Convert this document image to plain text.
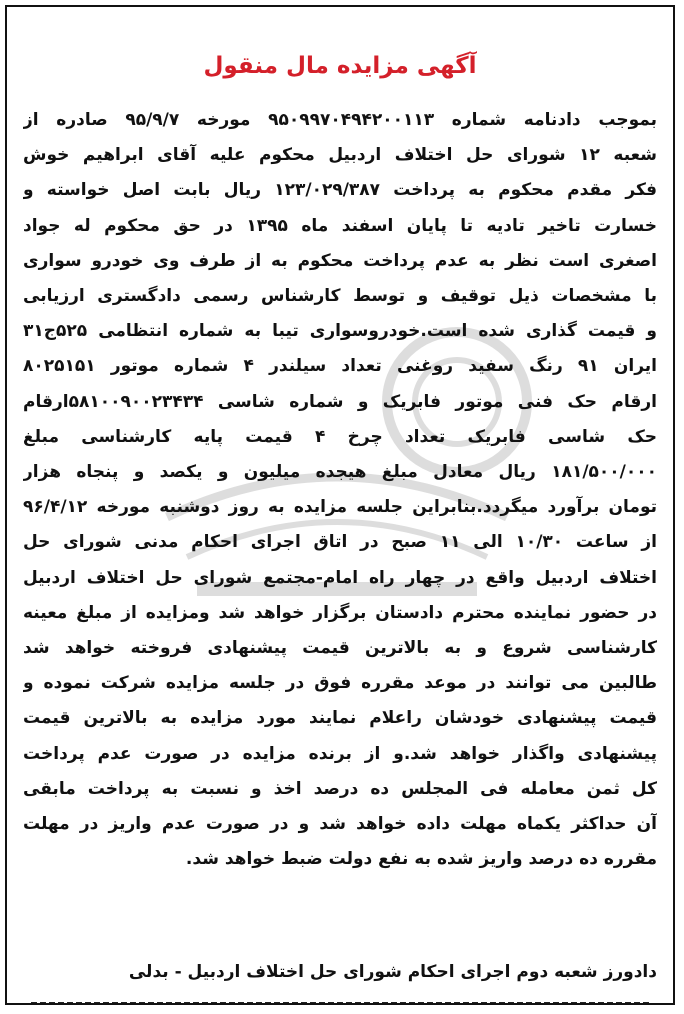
آگهی مزایده مال منقول
بموجب دادنامه شماره ۹۵۰۹۹۷۰۴۹۴۲۰۰۱۱۳ مورخه ۹۵/۹/۷ صادره از
شعبه ۱۲ شورای حل اختلاف اردبیل محکوم علیه آقای ابراهیم خوش
فکر مقدم محکوم به پرداخت ۱۲۳/۰۲۹/۳۸۷ ریال بابت اصل خواسته و
خسارت تاخیر تادیه تا پایان اسفند ماه ۱۳۹۵ در حق محکوم له جواد
اصغری است نظر به عدم پرداخت محکوم به از طرف وی خودرو سواری
با مشخصات ذیل توقیف و توسط کارشناس رسمی دادگستری ارزیابی
و قیمت گذاری شده است.خودروسواری تیبا به شماره انتظامی ۵۲۵ج۳۱
ایران ۹۱ رنگ سفید روغنی تعداد سیلندر ۴ شماره موتور ۸۰۲۵۱۵۱
ارقام حک فنی موتور فابریک و شماره شاسی ۵۸۱۰۰۹۰۰۲۳۴۳۴ارقام
حک شاسی فابریک تعداد چرخ ۴ قیمت پایه کارشناسی مبلغ
۱۸۱/۵۰۰/۰۰۰ ریال معادل مبلغ هیجده میلیون و یکصد و پنجاه هزار
تومان برآورد میگردد.بنابراین جلسه مزایده به روز دوشنبه مورخه ۹۶/۴/۱۲
از ساعت ۱۰/۳۰ الی ۱۱ صبح در اتاق اجرای احکام مدنی شورای حل
اختلاف اردبیل واقع در چهار راه امام-مجتمع شورای حل اختلاف اردبیل
در حضور نماینده محترم دادستان برگزار خواهد شد ومزایده از مبلغ معینه
کارشناسی شروع و به بالاترین قیمت پیشنهادی فروخته خواهد شد
طالبین می توانند در موعد مقرره فوق در جلسه مزایده شرکت نموده و
قیمت پیشنهادی خودشان راعلام نمایند مورد مزایده به بالاترین قیمت
پیشنهادی واگذار خواهد شد.و از برنده مزایده در صورت عدم پرداخت
کل ثمن معامله فی المجلس ده درصد اخذ و نسبت به پرداخت مابقی
آن حداکثر یکماه مهلت داده خواهد شد و در صورت عدم واریز در مهلت
مقرره ده درصد واریز شده به نفع دولت ضبط خواهد شد.
دادورز شعبه دوم اجرای احکام شورای حل اختلاف اردبیل - بدلی
